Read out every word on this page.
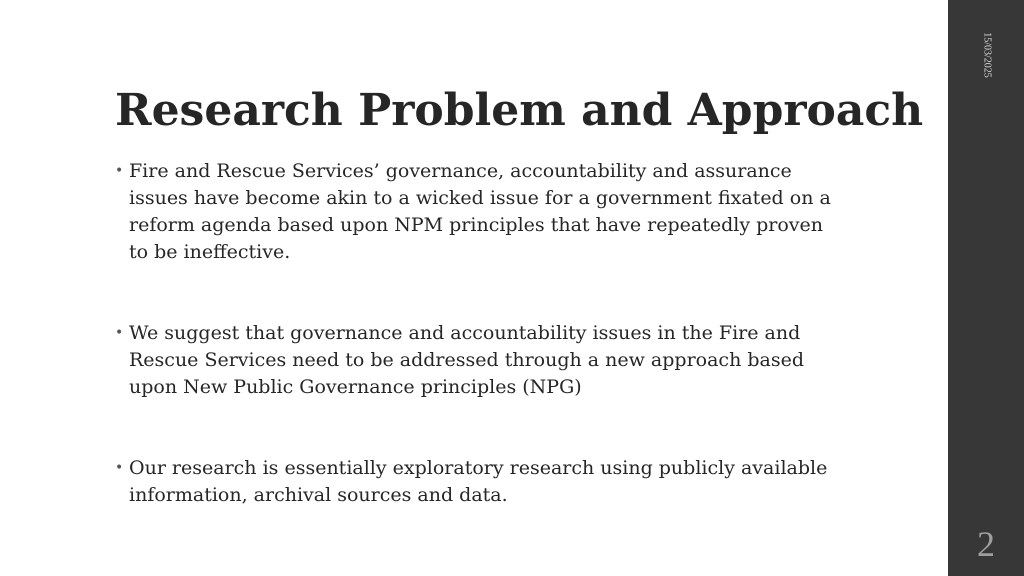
Research Problem and Approach
• Fire and Rescue Services’ governance, accountability and assurance issues have become akin to a wicked issue for a government fixated on a reform agenda based upon NPM principles that have repeatedly proven to be ineffective.
• We suggest that governance and accountability issues in the Fire and Rescue Services need to be addressed through a new approach based upon New Public Governance principles (NPG)
• Our research is essentially exploratory research using publicly available information, archival sources and data.
15/03/2025
2
